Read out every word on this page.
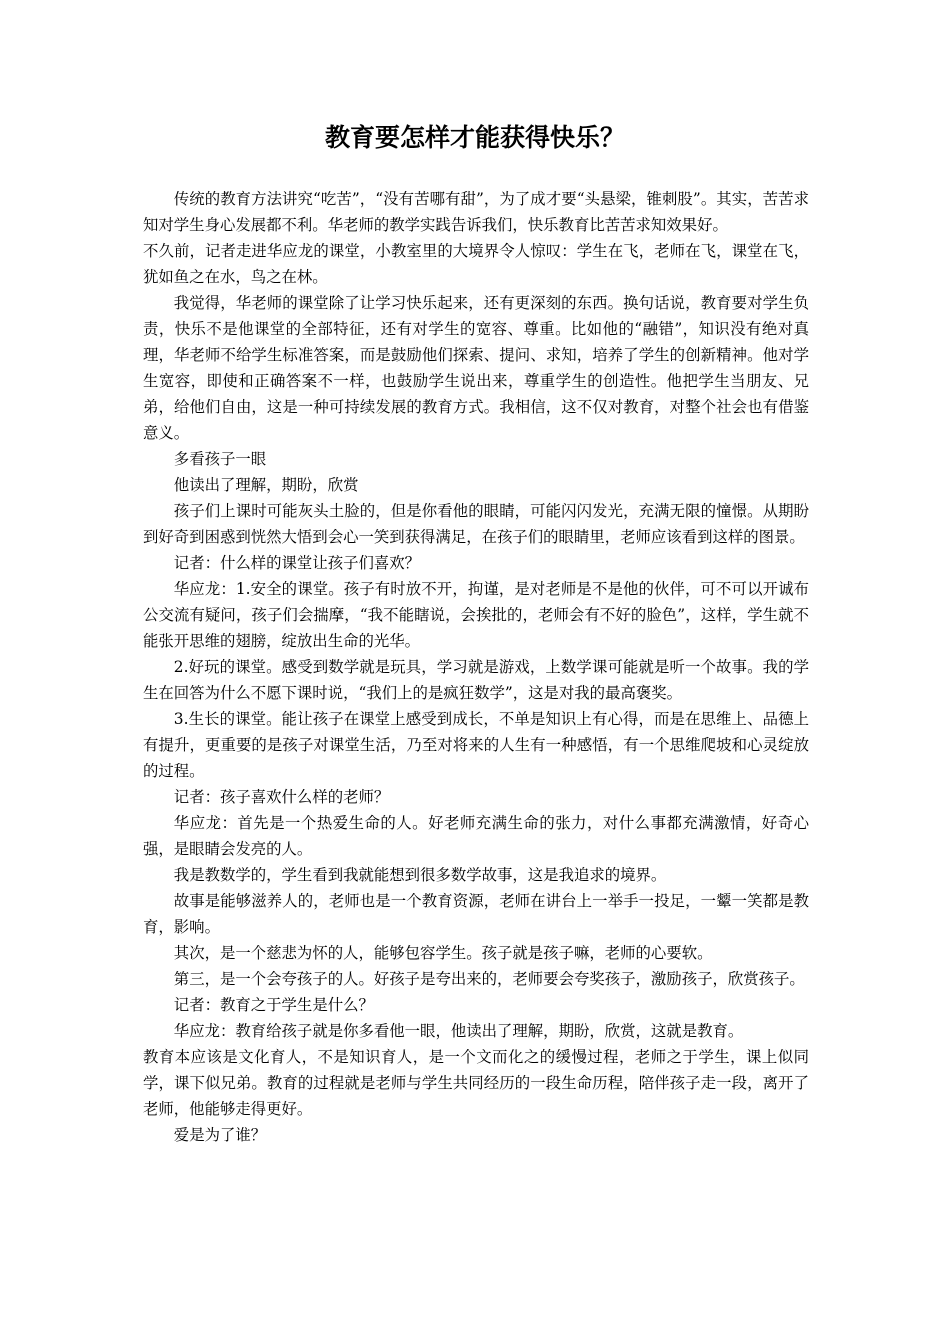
教育要怎样才能获得快乐？

传统的教育方法讲究“吃苦”，“没有苦哪有甜”，为了成才要“头悬梁，锥刺股”。其实，苦苦求知对学生身心发展都不利。华老师的教学实践告诉我们，快乐教育比苦苦求知效果好。

不久前，记者走进华应龙的课堂，小教室里的大境界令人惊叹：学生在飞，老师在飞，课堂在飞，犹如鱼之在水，鸟之在林。

我觉得，华老师的课堂除了让学习快乐起来，还有更深刻的东西。换句话说，教育要对学生负责，快乐不是他课堂的全部特征，还有对学生的宽容、尊重。比如他的“融错”，知识没有绝对真理，华老师不给学生标准答案，而是鼓励他们探索、提问、求知，培养了学生的创新精神。他对学生宽容，即使和正确答案不一样，也鼓励学生说出来，尊重学生的创造性。他把学生当朋友、兄弟，给他们自由，这是一种可持续发展的教育方式。我相信，这不仅对教育，对整个社会也有借鉴意义。

多看孩子一眼

他读出了理解，期盼，欣赏

孩子们上课时可能灰头土脸的，但是你看他的眼睛，可能闪闪发光，充满无限的憧憬。从期盼到好奇到困惑到恍然大悟到会心一笑到获得满足，在孩子们的眼睛里，老师应该看到这样的图景。

记者：什么样的课堂让孩子们喜欢？

华应龙：1.安全的课堂。孩子有时放不开，拘谨，是对老师是不是他的伙伴，可不可以开诚布公交流有疑问，孩子们会揣摩，“我不能瞎说，会挨批的，老师会有不好的脸色”，这样，学生就不能张开思维的翅膀，绽放出生命的光华。

2.好玩的课堂。感受到数学就是玩具，学习就是游戏，上数学课可能就是听一个故事。我的学生在回答为什么不愿下课时说，“我们上的是疯狂数学”，这是对我的最高褒奖。

3.生长的课堂。能让孩子在课堂上感受到成长，不单是知识上有心得，而是在思维上、品德上有提升，更重要的是孩子对课堂生活，乃至对将来的人生有一种感悟，有一个思维爬坡和心灵绽放的过程。

记者：孩子喜欢什么样的老师？

华应龙：首先是一个热爱生命的人。好老师充满生命的张力，对什么事都充满激情，好奇心强，是眼睛会发亮的人。

我是教数学的，学生看到我就能想到很多数学故事，这是我追求的境界。

故事是能够滋养人的，老师也是一个教育资源，老师在讲台上一举手一投足，一颦一笑都是教育，影响。

其次，是一个慈悲为怀的人，能够包容学生。孩子就是孩子嘛，老师的心要软。

第三，是一个会夸孩子的人。好孩子是夸出来的，老师要会夸奖孩子，激励孩子，欣赏孩子。

记者：教育之于学生是什么？

华应龙：教育给孩子就是你多看他一眼，他读出了理解，期盼，欣赏，这就是教育。

教育本应该是文化育人，不是知识育人，是一个文而化之的缓慢过程，老师之于学生，课上似同学，课下似兄弟。教育的过程就是老师与学生共同经历的一段生命历程，陪伴孩子走一段，离开了老师，他能够走得更好。

爱是为了谁？
